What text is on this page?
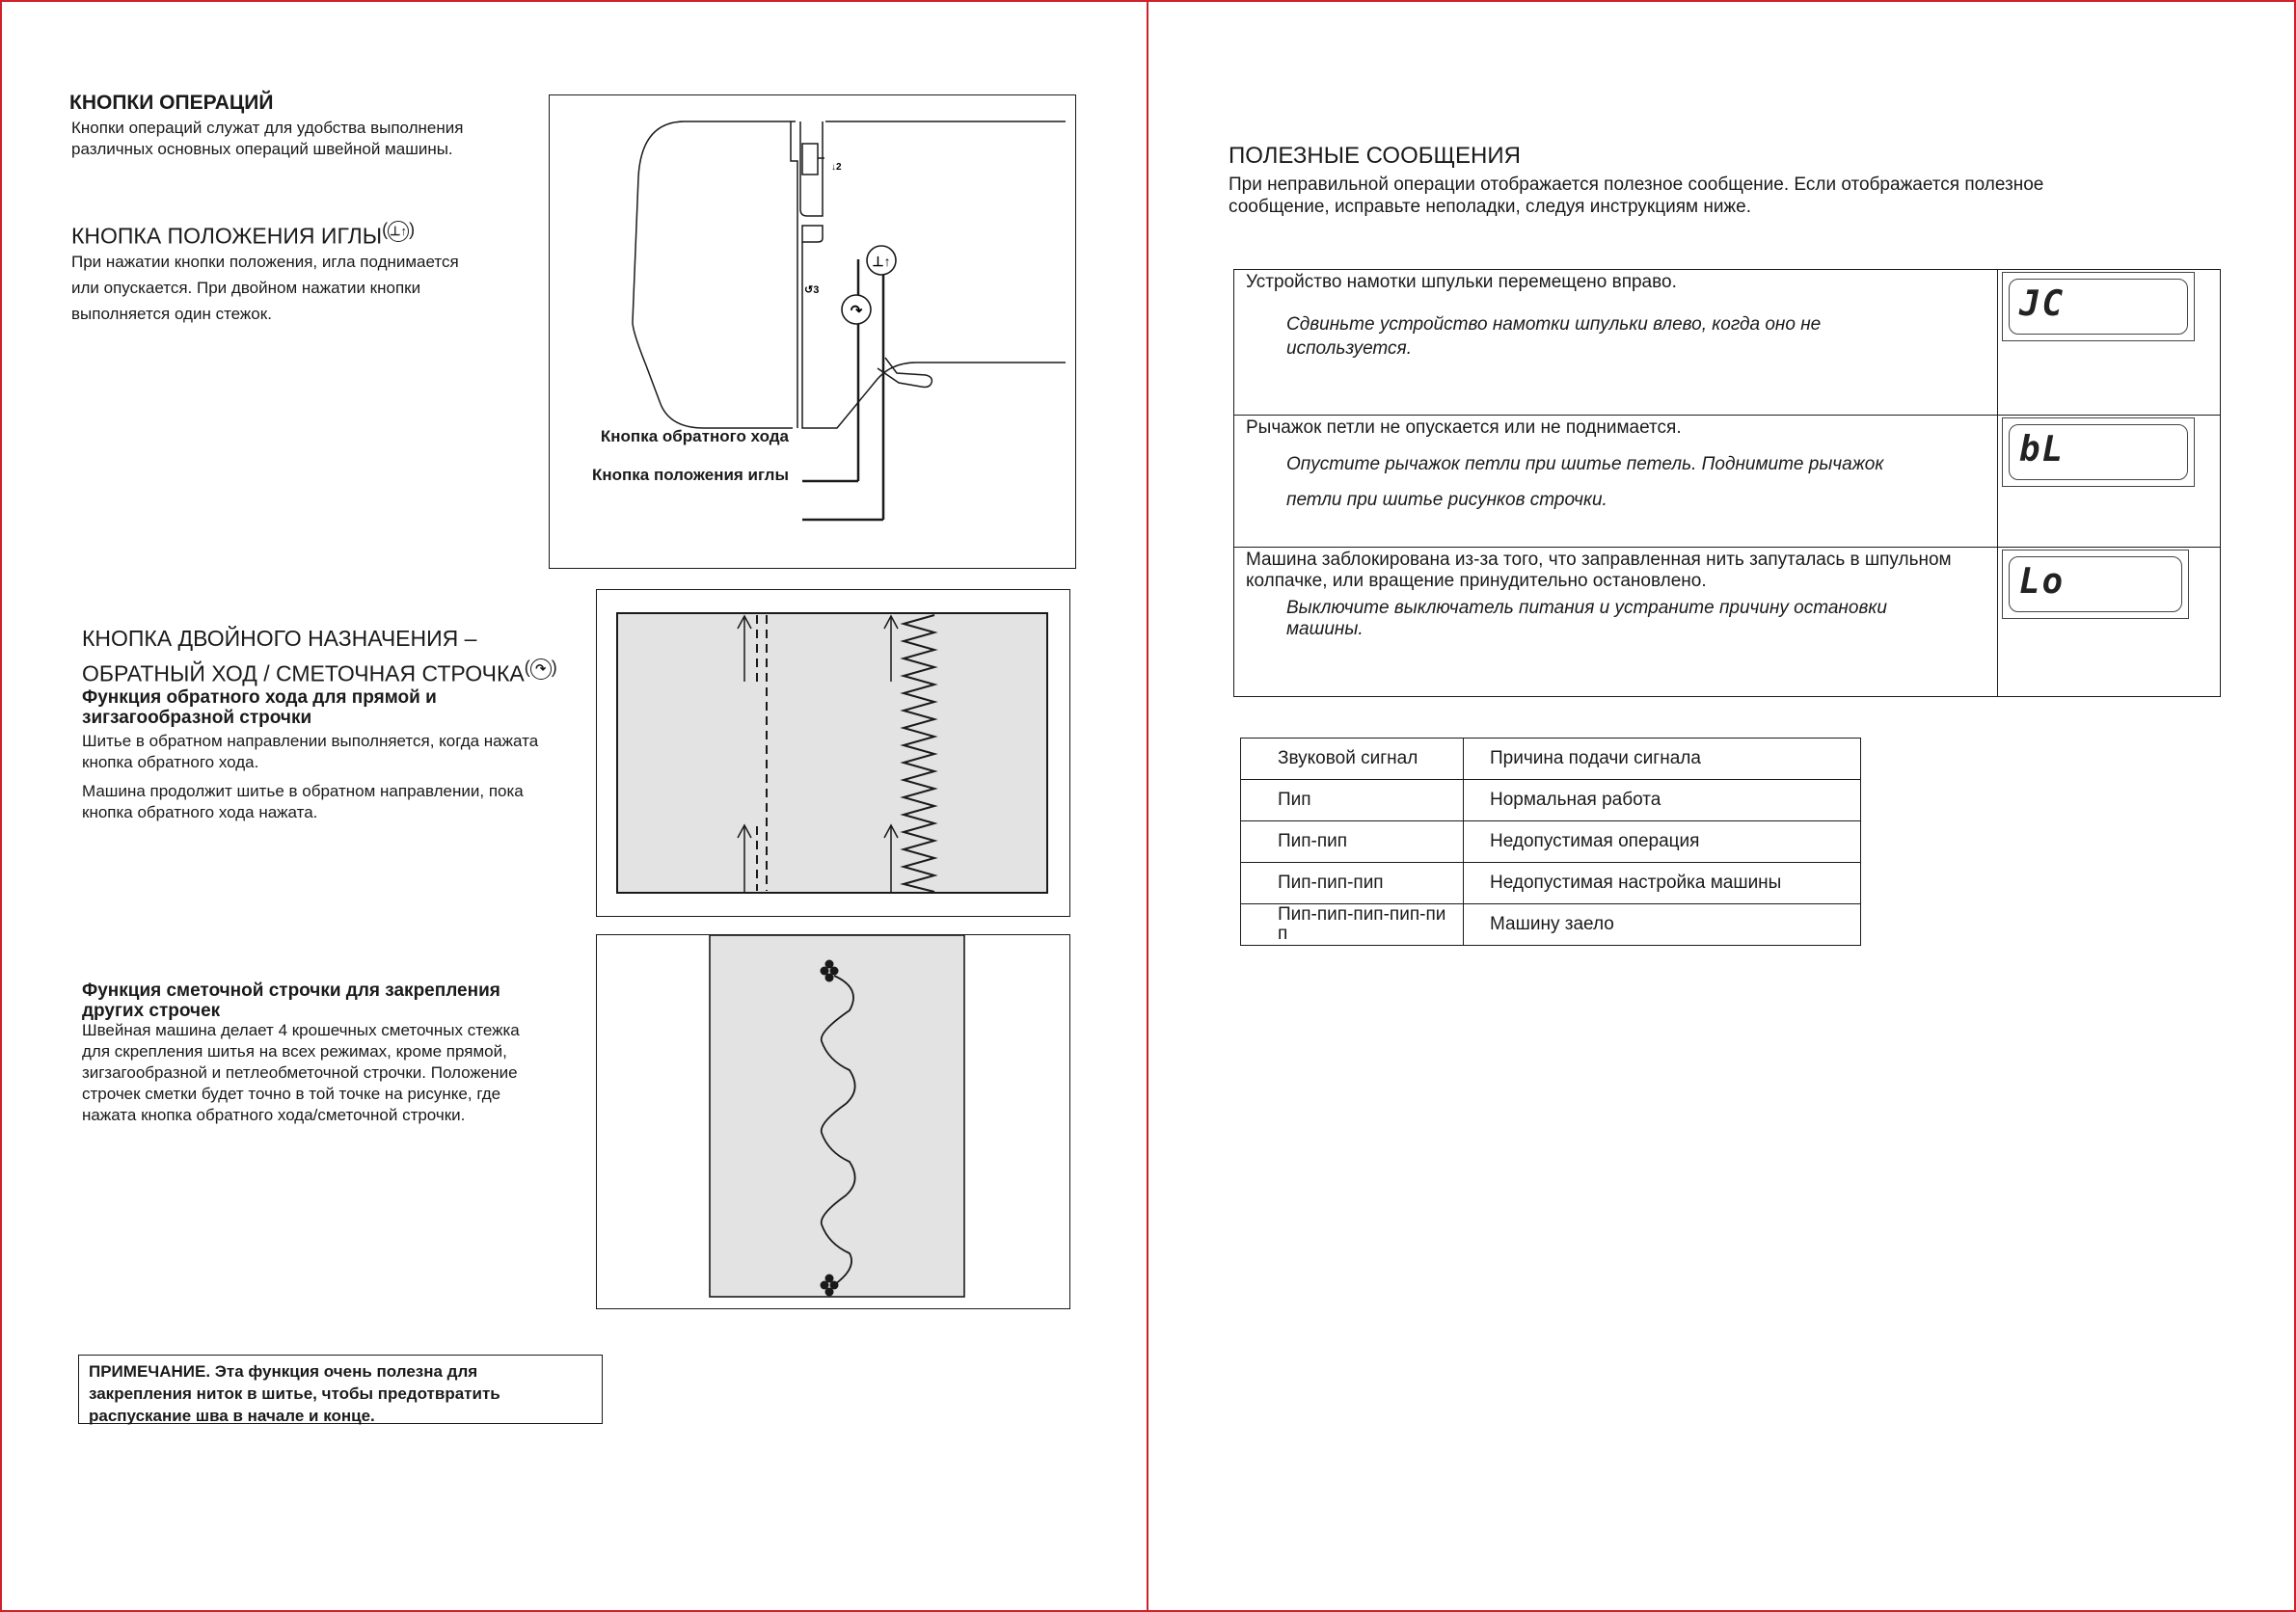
КНОПКИ ОПЕРАЦИЙ
Кнопки операций служат для удобства выполнения
различных основных операций швейной машины.
КНОПКА ПОЛОЖЕНИЯ ИГЛЫ( ⊥↑ )
При нажатии кнопки положения, игла поднимается
или опускается. При двойном нажатии кнопки
выполняется один стежок.
⊥↑
↷
↓2
↺3
Кнопка обратного хода
Кнопка положения иглы
КНОПКА ДВОЙНОГО НАЗНАЧЕНИЯ –
ОБРАТНЫЙ ХОД / СМЕТОЧНАЯ СТРОЧКА( ↷ )
Функция обратного хода для прямой и
зигзагообразной строчки
Шитье в обратном направлении выполняется, когда нажата
кнопка обратного хода.
Машина продолжит шитье в обратном направлении, пока
кнопка обратного хода нажата.
Функция сметочной строчки для закрепления
других строчек
Швейная машина делает 4 крошечных сметочных стежка
для скрепления шитья на всех режимах, кроме прямой,
зигзагообразной и петлеобметочной строчки. Положение
строчек сметки будет точно в той точке на рисунке, где
нажата кнопка обратного хода/сметочной строчки.
ПРИМЕЧАНИЕ. Эта функция очень полезна для
закрепления ниток в шитье, чтобы предотвратить
распускание шва в начале и конце.
ПОЛЕЗНЫЕ СООБЩЕНИЯ
При неправильной операции отображается полезное сообщение. Если отображается полезное
сообщение, исправьте неполадки, следуя инструкциям ниже.
Устройство намотки шпульки перемещено вправо.
Сдвиньте устройство намотки шпульки влево, когда оно не
используется.	JC

Рычажок петли не опускается или не поднимается.
Опустите рычажок петли при шитье петель. Поднимите рычажок
петли при шитье рисунков строчки.	bL

Машина заблокирована из-за того, что заправленная нить запуталась в шпульном колпачке, или вращение принудительно остановлено.
Выключите выключатель питания и устраните причину остановки
машины.	Lo
Звуковой сигнал	Причина подачи сигнала
Пип	Нормальная работа
Пип-пип	Недопустимая операция
Пип-пип-пип	Недопустимая настройка машины
Пип-пип-пип-пип-пи п	Машину заело
